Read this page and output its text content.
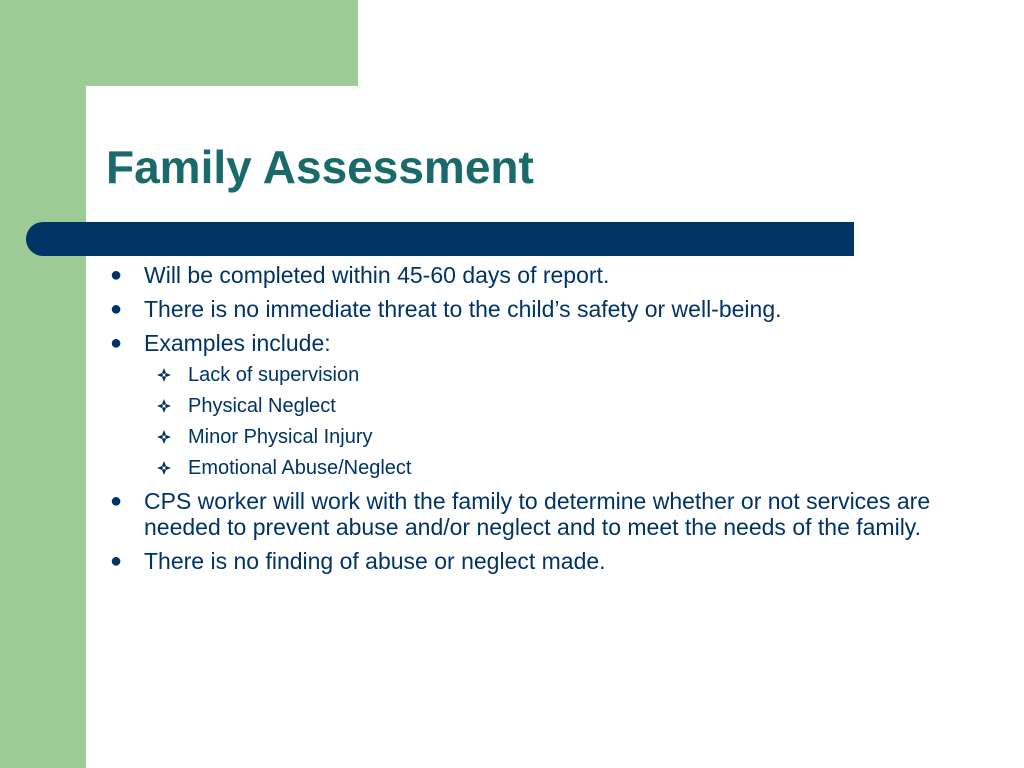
Family Assessment
● Will be completed within 45-60 days of report.
● There is no immediate threat to the child’s safety or well-being.
● Examples include:
Lack of supervision
Physical Neglect
Minor Physical Injury
Emotional Abuse/Neglect
● CPS worker will work with the family to determine whether or not services are needed to prevent abuse and/or neglect and to meet the needs of the family.
● There is no finding of abuse or neglect made.
